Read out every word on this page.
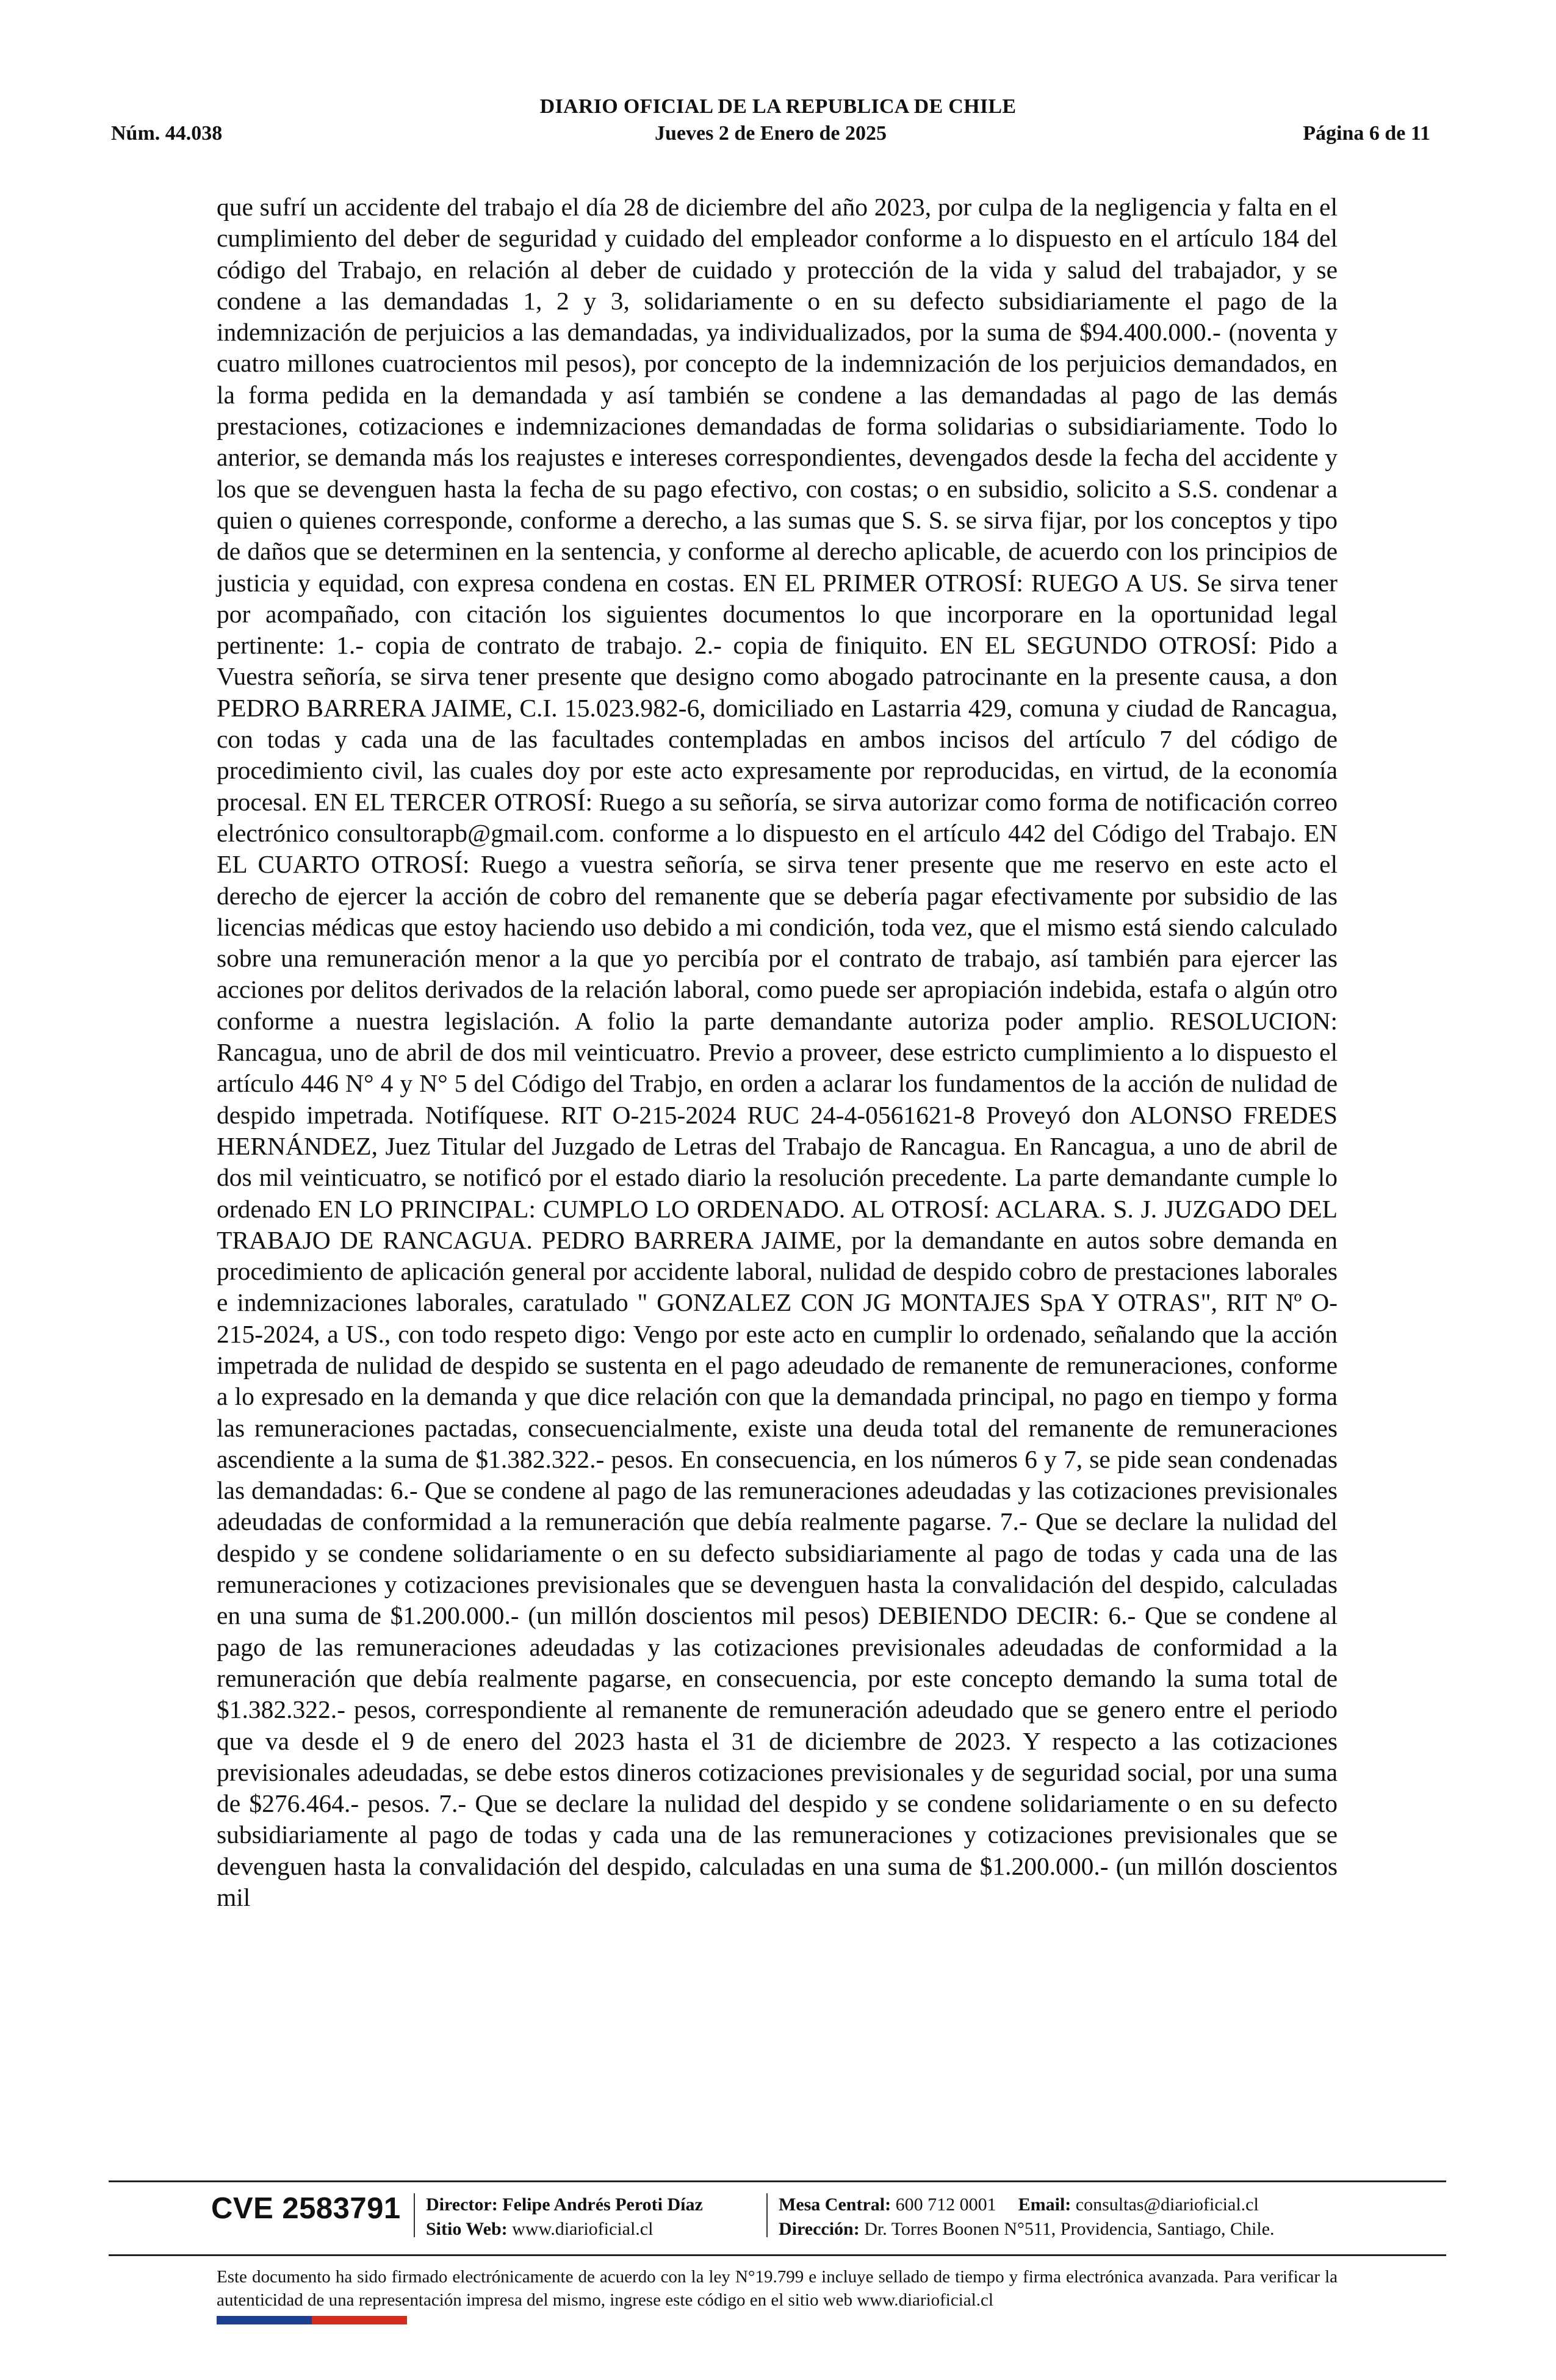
DIARIO OFICIAL DE LA REPUBLICA DE CHILE
Jueves 2 de Enero de 2025
Núm. 44.038	Página 6 de 11

que sufrí un accidente del trabajo el día 28 de diciembre del año 2023, por culpa de la negligencia y falta en el cumplimiento del deber de seguridad y cuidado del empleador conforme a lo dispuesto en el artículo 184 del código del Trabajo, en relación al deber de cuidado y protección de la vida y salud del trabajador, y se condene a las demandadas 1, 2 y 3, solidariamente o en su defecto subsidiariamente el pago de la indemnización de perjuicios a las demandadas, ya individualizados, por la suma de $94.400.000.- (noventa y cuatro millones cuatrocientos mil pesos), por concepto de la indemnización de los perjuicios demandados, en la forma pedida en la demandada y así también se condene a las demandadas al pago de las demás prestaciones, cotizaciones e indemnizaciones demandadas de forma solidarias o subsidiariamente. Todo lo anterior, se demanda más los reajustes e intereses correspondientes, devengados desde la fecha del accidente y los que se devenguen hasta la fecha de su pago efectivo, con costas; o en subsidio, solicito a S.S. condenar a quien o quienes corresponde, conforme a derecho, a las sumas que S. S. se sirva fijar, por los conceptos y tipo de daños que se determinen en la sentencia, y conforme al derecho aplicable, de acuerdo con los principios de justicia y equidad, con expresa condena en costas. EN EL PRIMER OTROSÍ: RUEGO A US. Se sirva tener por acompañado, con citación los siguientes documentos lo que incorporare en la oportunidad legal pertinente: 1.- copia de contrato de trabajo. 2.- copia de finiquito. EN EL SEGUNDO OTROSÍ: Pido a Vuestra señoría, se sirva tener presente que designo como abogado patrocinante en la presente causa, a don PEDRO BARRERA JAIME, C.I. 15.023.982-6, domiciliado en Lastarria 429, comuna y ciudad de Rancagua, con todas y cada una de las facultades contempladas en ambos incisos del artículo 7 del código de procedimiento civil, las cuales doy por este acto expresamente por reproducidas, en virtud, de la economía procesal. EN EL TERCER OTROSÍ: Ruego a su señoría, se sirva autorizar como forma de notificación correo electrónico consultorapb@gmail.com. conforme a lo dispuesto en el artículo 442 del Código del Trabajo. EN EL CUARTO OTROSÍ: Ruego a vuestra señoría, se sirva tener presente que me reservo en este acto el derecho de ejercer la acción de cobro del remanente que se debería pagar efectivamente por subsidio de las licencias médicas que estoy haciendo uso debido a mi condición, toda vez, que el mismo está siendo calculado sobre una remuneración menor a la que yo percibía por el contrato de trabajo, así también para ejercer las acciones por delitos derivados de la relación laboral, como puede ser apropiación indebida, estafa o algún otro conforme a nuestra legislación. A folio la parte demandante autoriza poder amplio. RESOLUCION: Rancagua, uno de abril de dos mil veinticuatro. Previo a proveer, dese estricto cumplimiento a lo dispuesto el artículo 446 N° 4 y N° 5 del Código del Trabjo, en orden a aclarar los fundamentos de la acción de nulidad de despido impetrada. Notifíquese. RIT O-215-2024 RUC 24-4-0561621-8 Proveyó don ALONSO FREDES HERNÁNDEZ, Juez Titular del Juzgado de Letras del Trabajo de Rancagua. En Rancagua, a uno de abril de dos mil veinticuatro, se notificó por el estado diario la resolución precedente. La parte demandante cumple lo ordenado EN LO PRINCIPAL: CUMPLO LO ORDENADO. AL OTROSÍ: ACLARA. S. J. JUZGADO DEL TRABAJO DE RANCAGUA. PEDRO BARRERA JAIME, por la demandante en autos sobre demanda en procedimiento de aplicación general por accidente laboral, nulidad de despido cobro de prestaciones laborales e indemnizaciones laborales, caratulado " GONZALEZ CON JG MONTAJES SpA Y OTRAS", RIT Nº O-215-2024, a US., con todo respeto digo: Vengo por este acto en cumplir lo ordenado, señalando que la acción impetrada de nulidad de despido se sustenta en el pago adeudado de remanente de remuneraciones, conforme a lo expresado en la demanda y que dice relación con que la demandada principal, no pago en tiempo y forma las remuneraciones pactadas, consecuencialmente, existe una deuda total del remanente de remuneraciones ascendiente a la suma de $1.382.322.- pesos. En consecuencia, en los números 6 y 7, se pide sean condenadas las demandadas: 6.- Que se condene al pago de las remuneraciones adeudadas y las cotizaciones previsionales adeudadas de conformidad a la remuneración que debía realmente pagarse. 7.- Que se declare la nulidad del despido y se condene solidariamente o en su defecto subsidiariamente al pago de todas y cada una de las remuneraciones y cotizaciones previsionales que se devenguen hasta la convalidación del despido, calculadas en una suma de $1.200.000.- (un millón doscientos mil pesos) DEBIENDO DECIR: 6.- Que se condene al pago de las remuneraciones adeudadas y las cotizaciones previsionales adeudadas de conformidad a la remuneración que debía realmente pagarse, en consecuencia, por este concepto demando la suma total de $1.382.322.- pesos, correspondiente al remanente de remuneración adeudado que se genero entre el periodo que va desde el 9 de enero del 2023 hasta el 31 de diciembre de 2023. Y respecto a las cotizaciones previsionales adeudadas, se debe estos dineros cotizaciones previsionales y de seguridad social, por una suma de $276.464.- pesos. 7.- Que se declare la nulidad del despido y se condene solidariamente o en su defecto subsidiariamente al pago de todas y cada una de las remuneraciones y cotizaciones previsionales que se devenguen hasta la convalidación del despido, calculadas en una suma de $1.200.000.- (un millón doscientos mil

CVE 2583791	Director: Felipe Andrés Peroti Díaz
Sitio Web: www.diarioficial.cl
Mesa Central: 600 712 0001 Email: consultas@diarioficial.cl
Dirección: Dr. Torres Boonen N°511, Providencia, Santiago, Chile.
Este documento ha sido firmado electrónicamente de acuerdo con la ley N°19.799 e incluye sellado de tiempo y firma electrónica avanzada. Para verificar la autenticidad de una representación impresa del mismo, ingrese este código en el sitio web www.diarioficial.cl
